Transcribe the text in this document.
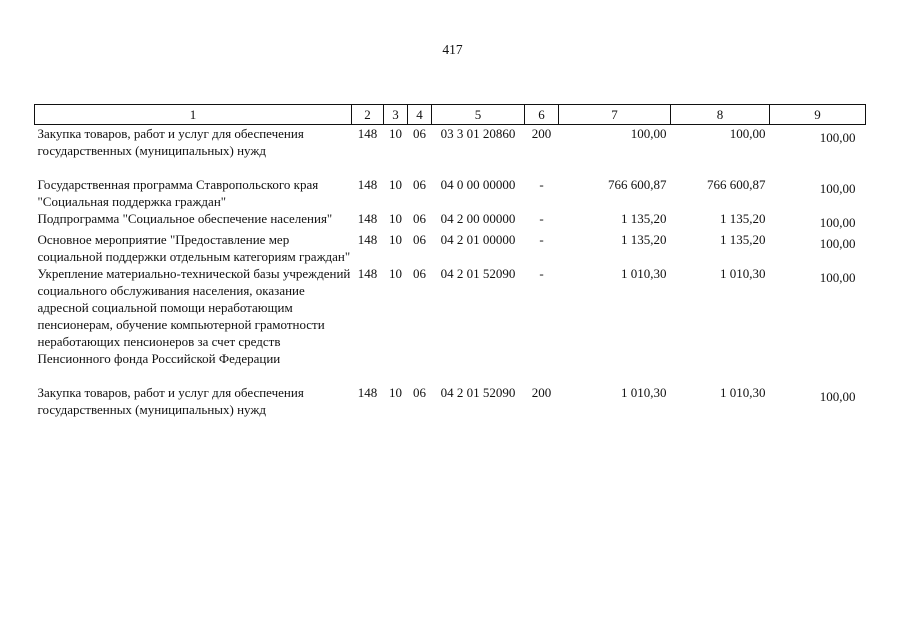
417
1	2	3	4	5	6	7	8	9
Закупка товаров, работ и услуг для обеспечения государственных (муниципальных) нужд	148	10	06	03 3 01 20860	200	100,00	100,00	100,00

Государственная программа Ставропольского края "Социальная поддержка граждан"	148	10	06	04 0 00 00000	-	766 600,87	766 600,87	100,00
Подпрограмма "Социальное обеспечение населения"	148	10	06	04 2 00 00000	-	1 135,20	1 135,20	100,00
Основное мероприятие "Предоставление мер социальной поддержки отдельным категориям граждан"	148	10	06	04 2 01 00000	-	1 135,20	1 135,20	100,00
Укрепление материально-технической базы учреждений социального обслуживания населения, оказание адресной социальной помощи неработающим пенсионерам, обучение компьютерной грамотности неработающих пенсионеров за счет средств Пенсионного фонда Российской Федерации	148	10	06	04 2 01 52090	-	1 010,30	1 010,30	100,00

Закупка товаров, работ и услуг для обеспечения государственных (муниципальных) нужд	148	10	06	04 2 01 52090	200	1 010,30	1 010,30	100,00
